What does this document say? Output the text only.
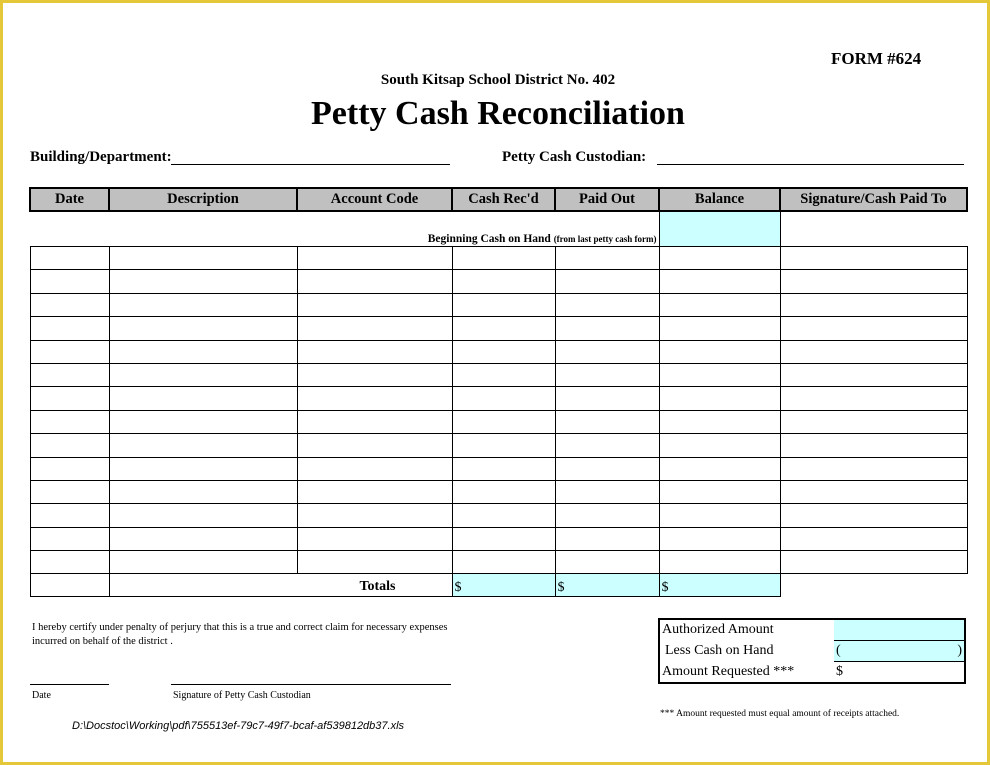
FORM #624
South Kitsap School District No. 402
Petty Cash Reconciliation
Building/Department:	Petty Cash Custodian:
Date	Description	Account Code	Cash Rec'd	Paid Out	Balance	Signature/Cash Paid To
Beginning Cash on Hand (from last petty cash form)						

	Totals		$	$	$	
I hereby certify under penalty of perjury that this is a true and correct claim for necessary expenses incurred on behalf of the district .
Date	Signature of Petty Cash Custodian
Authorized Amount	
Less Cash on Hand	( )

Amount Requested ***	$
*** Amount requested must equal amount of receipts attached.
D:\Docstoc\Working\pdf\755513ef-79c7-49f7-bcaf-af539812db37.xls
